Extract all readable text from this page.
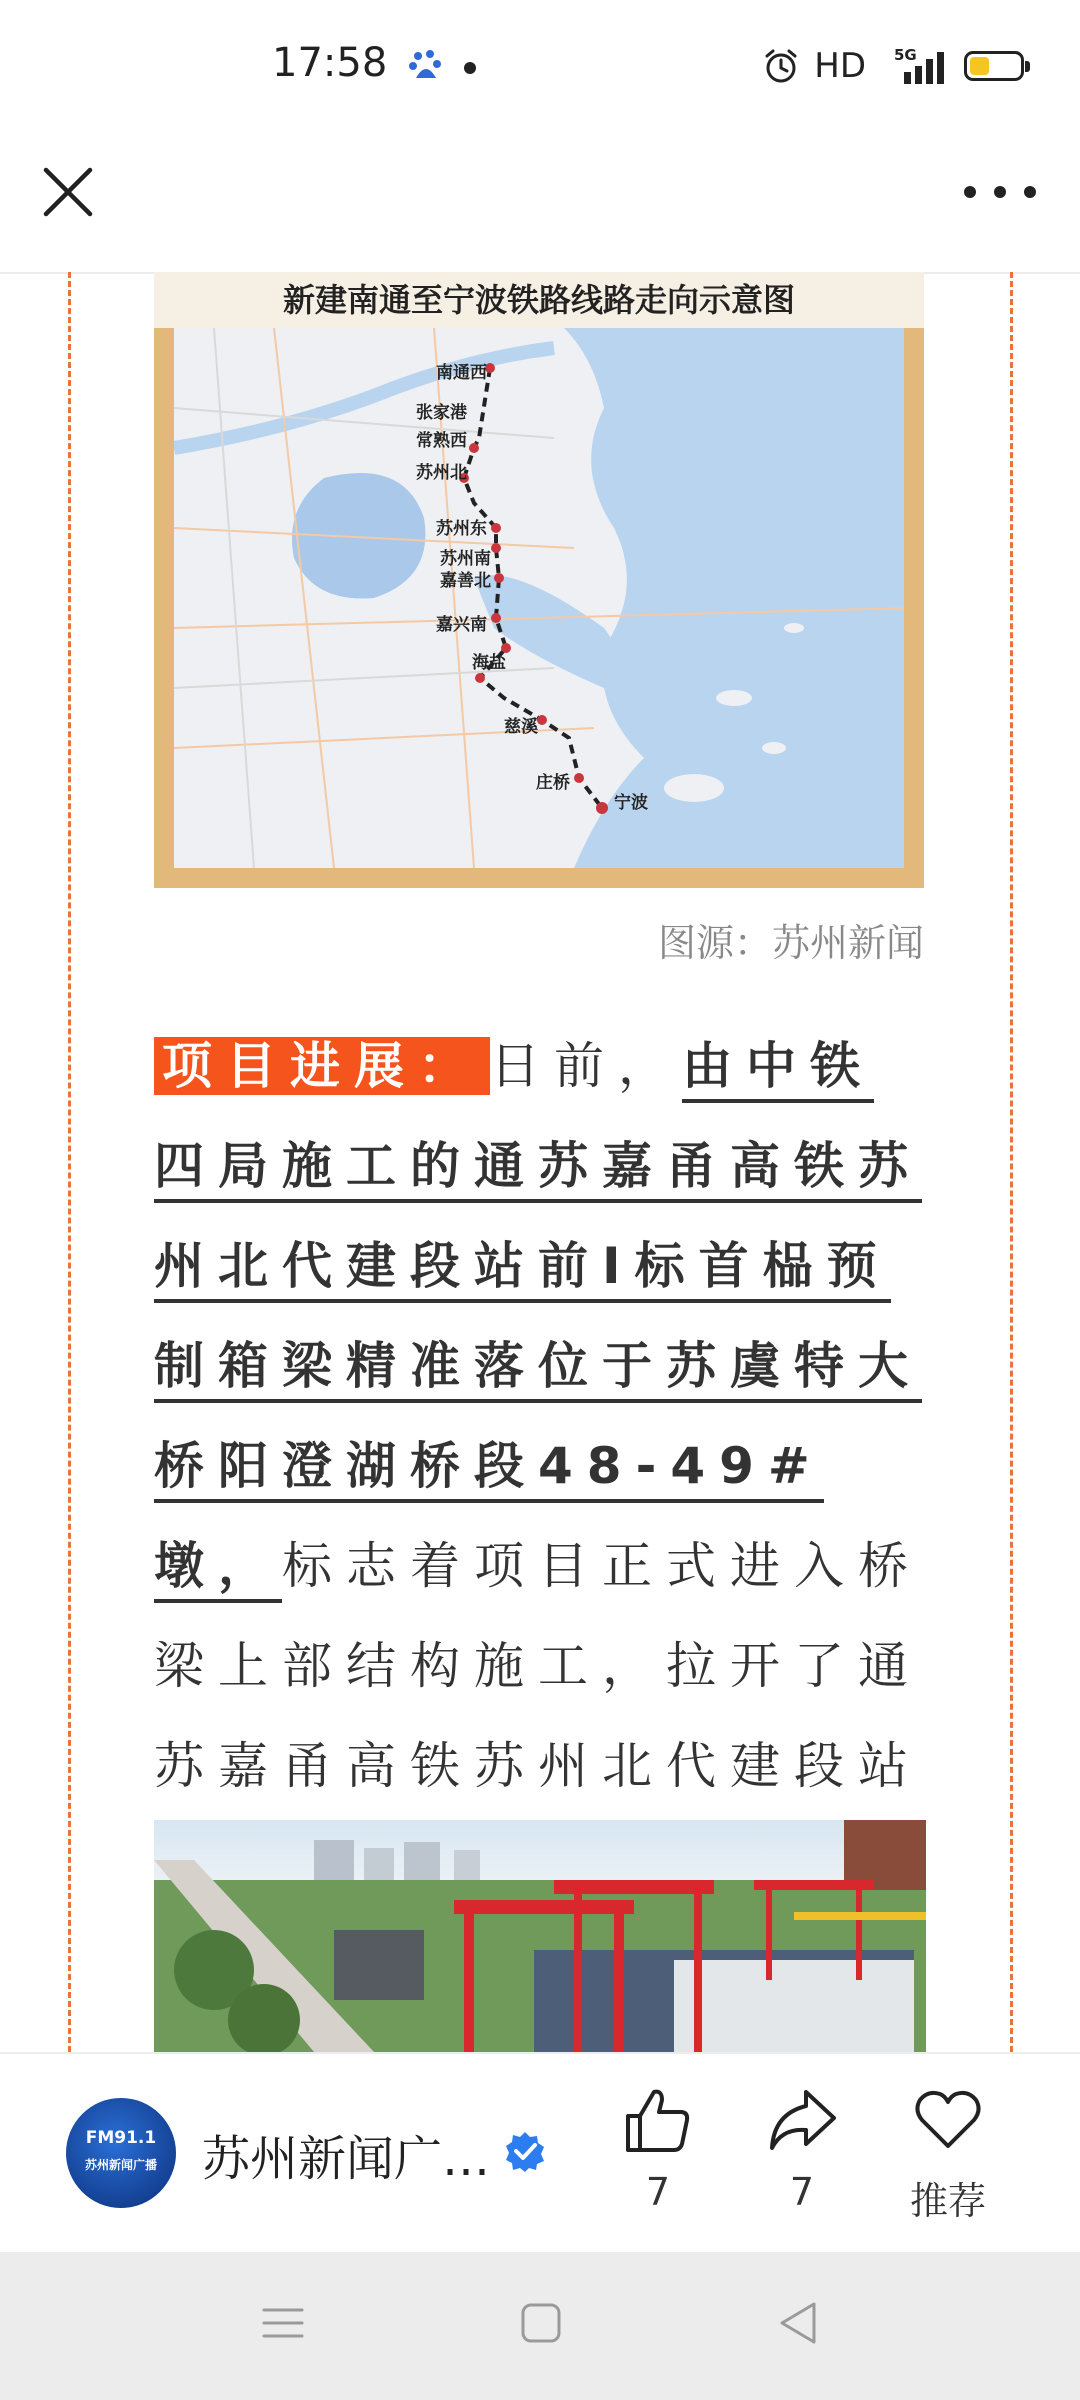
17:58	HD 5G
新建南通至宁波铁路线路走向示意图
南通西
张家港
常熟西
苏州北
苏州东
苏州南
嘉善北
嘉兴南
海盐
慈溪
庄桥
宁波
图源：苏州新闻
项目进展： 日前，由中铁四局施工的通苏嘉甬高铁苏州北代建段站前Ⅰ标首榀预制箱梁精准落位于苏虞特大桥阳澄湖桥段48-49#墩，标志着项目正式进入桥梁上部结构施工，拉开了通苏嘉甬高铁苏州北代建段站
FM91.1
苏州新闻广播 苏州新闻广…
7	7	推荐
